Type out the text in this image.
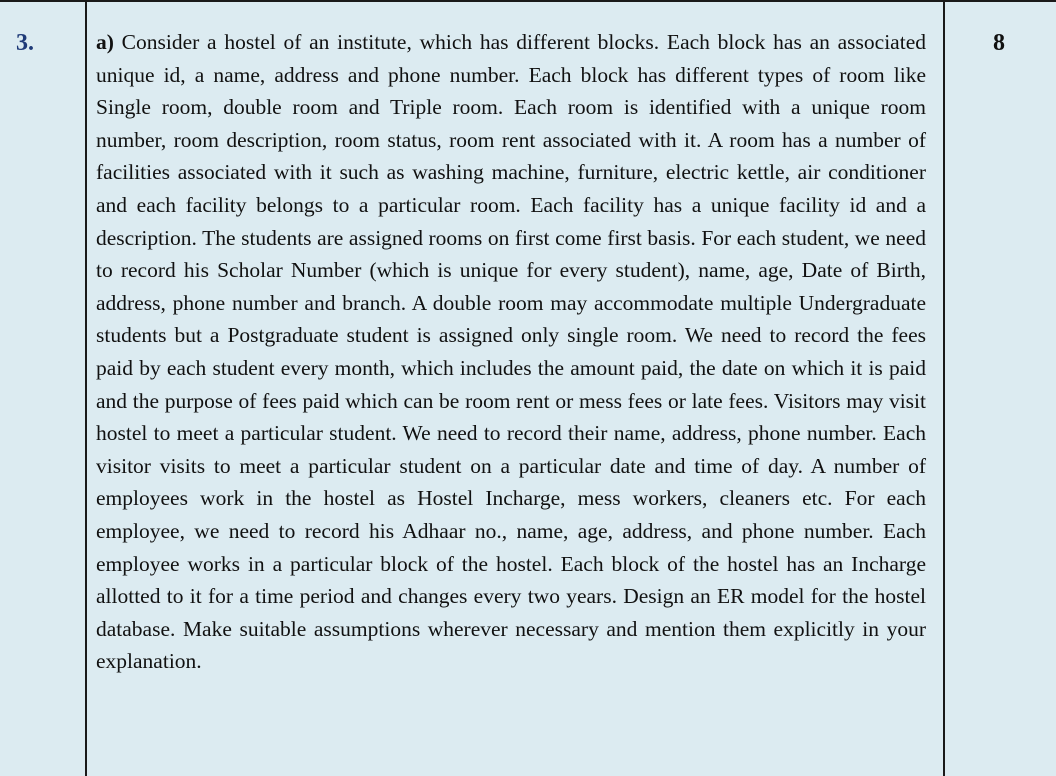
3.	a) Consider a hostel of an institute, which has different blocks. Each block has an associated unique id, a name, address and phone number. Each block has different types of room like Single room, double room and Triple room. Each room is identified with a unique room number, room description, room status, room rent associated with it. A room has a number of facilities associated with it such as washing machine, furniture, electric kettle, air conditioner and each facility belongs to a particular room. Each facility has a unique facility id and a description. The students are assigned rooms on first come first basis. For each student, we need to record his Scholar Number (which is unique for every student), name, age, Date of Birth, address, phone number and branch. A double room may accommodate multiple Undergraduate students but a Postgraduate student is assigned only single room. We need to record the fees paid by each student every month, which includes the amount paid, the date on which it is paid and the purpose of fees paid which can be room rent or mess fees or late fees. Visitors may visit hostel to meet a particular student. We need to record their name, address, phone number. Each visitor visits to meet a particular student on a particular date and time of day. A number of employees work in the hostel as Hostel Incharge, mess workers, cleaners etc. For each employee, we need to record his Adhaar no., name, age, address, and phone number. Each employee works in a particular block of the hostel. Each block of the hostel has an Incharge allotted to it for a time period and changes every two years. Design an ER model for the hostel database. Make suitable assumptions wherever necessary and mention them explicitly in your explanation.
8
